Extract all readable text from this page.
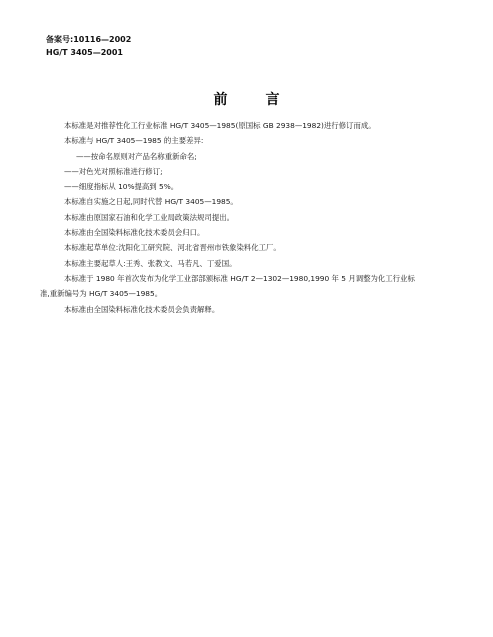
备案号:10116—2002
HG/T 3405—2001
前言
本标准是对推荐性化工行业标准 HG/T 3405—1985(原国标 GB 2938—1982)进行修订而成。
本标准与 HG/T 3405—1985 的主要差异:
——按命名原则对产品名称重新命名;
——对色光对照标准进行修订;
——细度指标从 10%提高到 5%。
本标准自实施之日起,同时代替 HG/T 3405—1985。
本标准由原国家石油和化学工业局政策法规司提出。
本标准由全国染料标准化技术委员会归口。
本标准起草单位:沈阳化工研究院、河北省晋州市铁象染料化工厂。
本标准主要起草人:王秀、张教文、马若凡、丁爱国。
本标准于 1980 年首次发布为化学工业部部颁标准 HG/T 2—1302—1980,1990 年 5 月调整为化工行业标
准,重新编号为 HG/T 3405—1985。
本标准由全国染料标准化技术委员会负责解释。
